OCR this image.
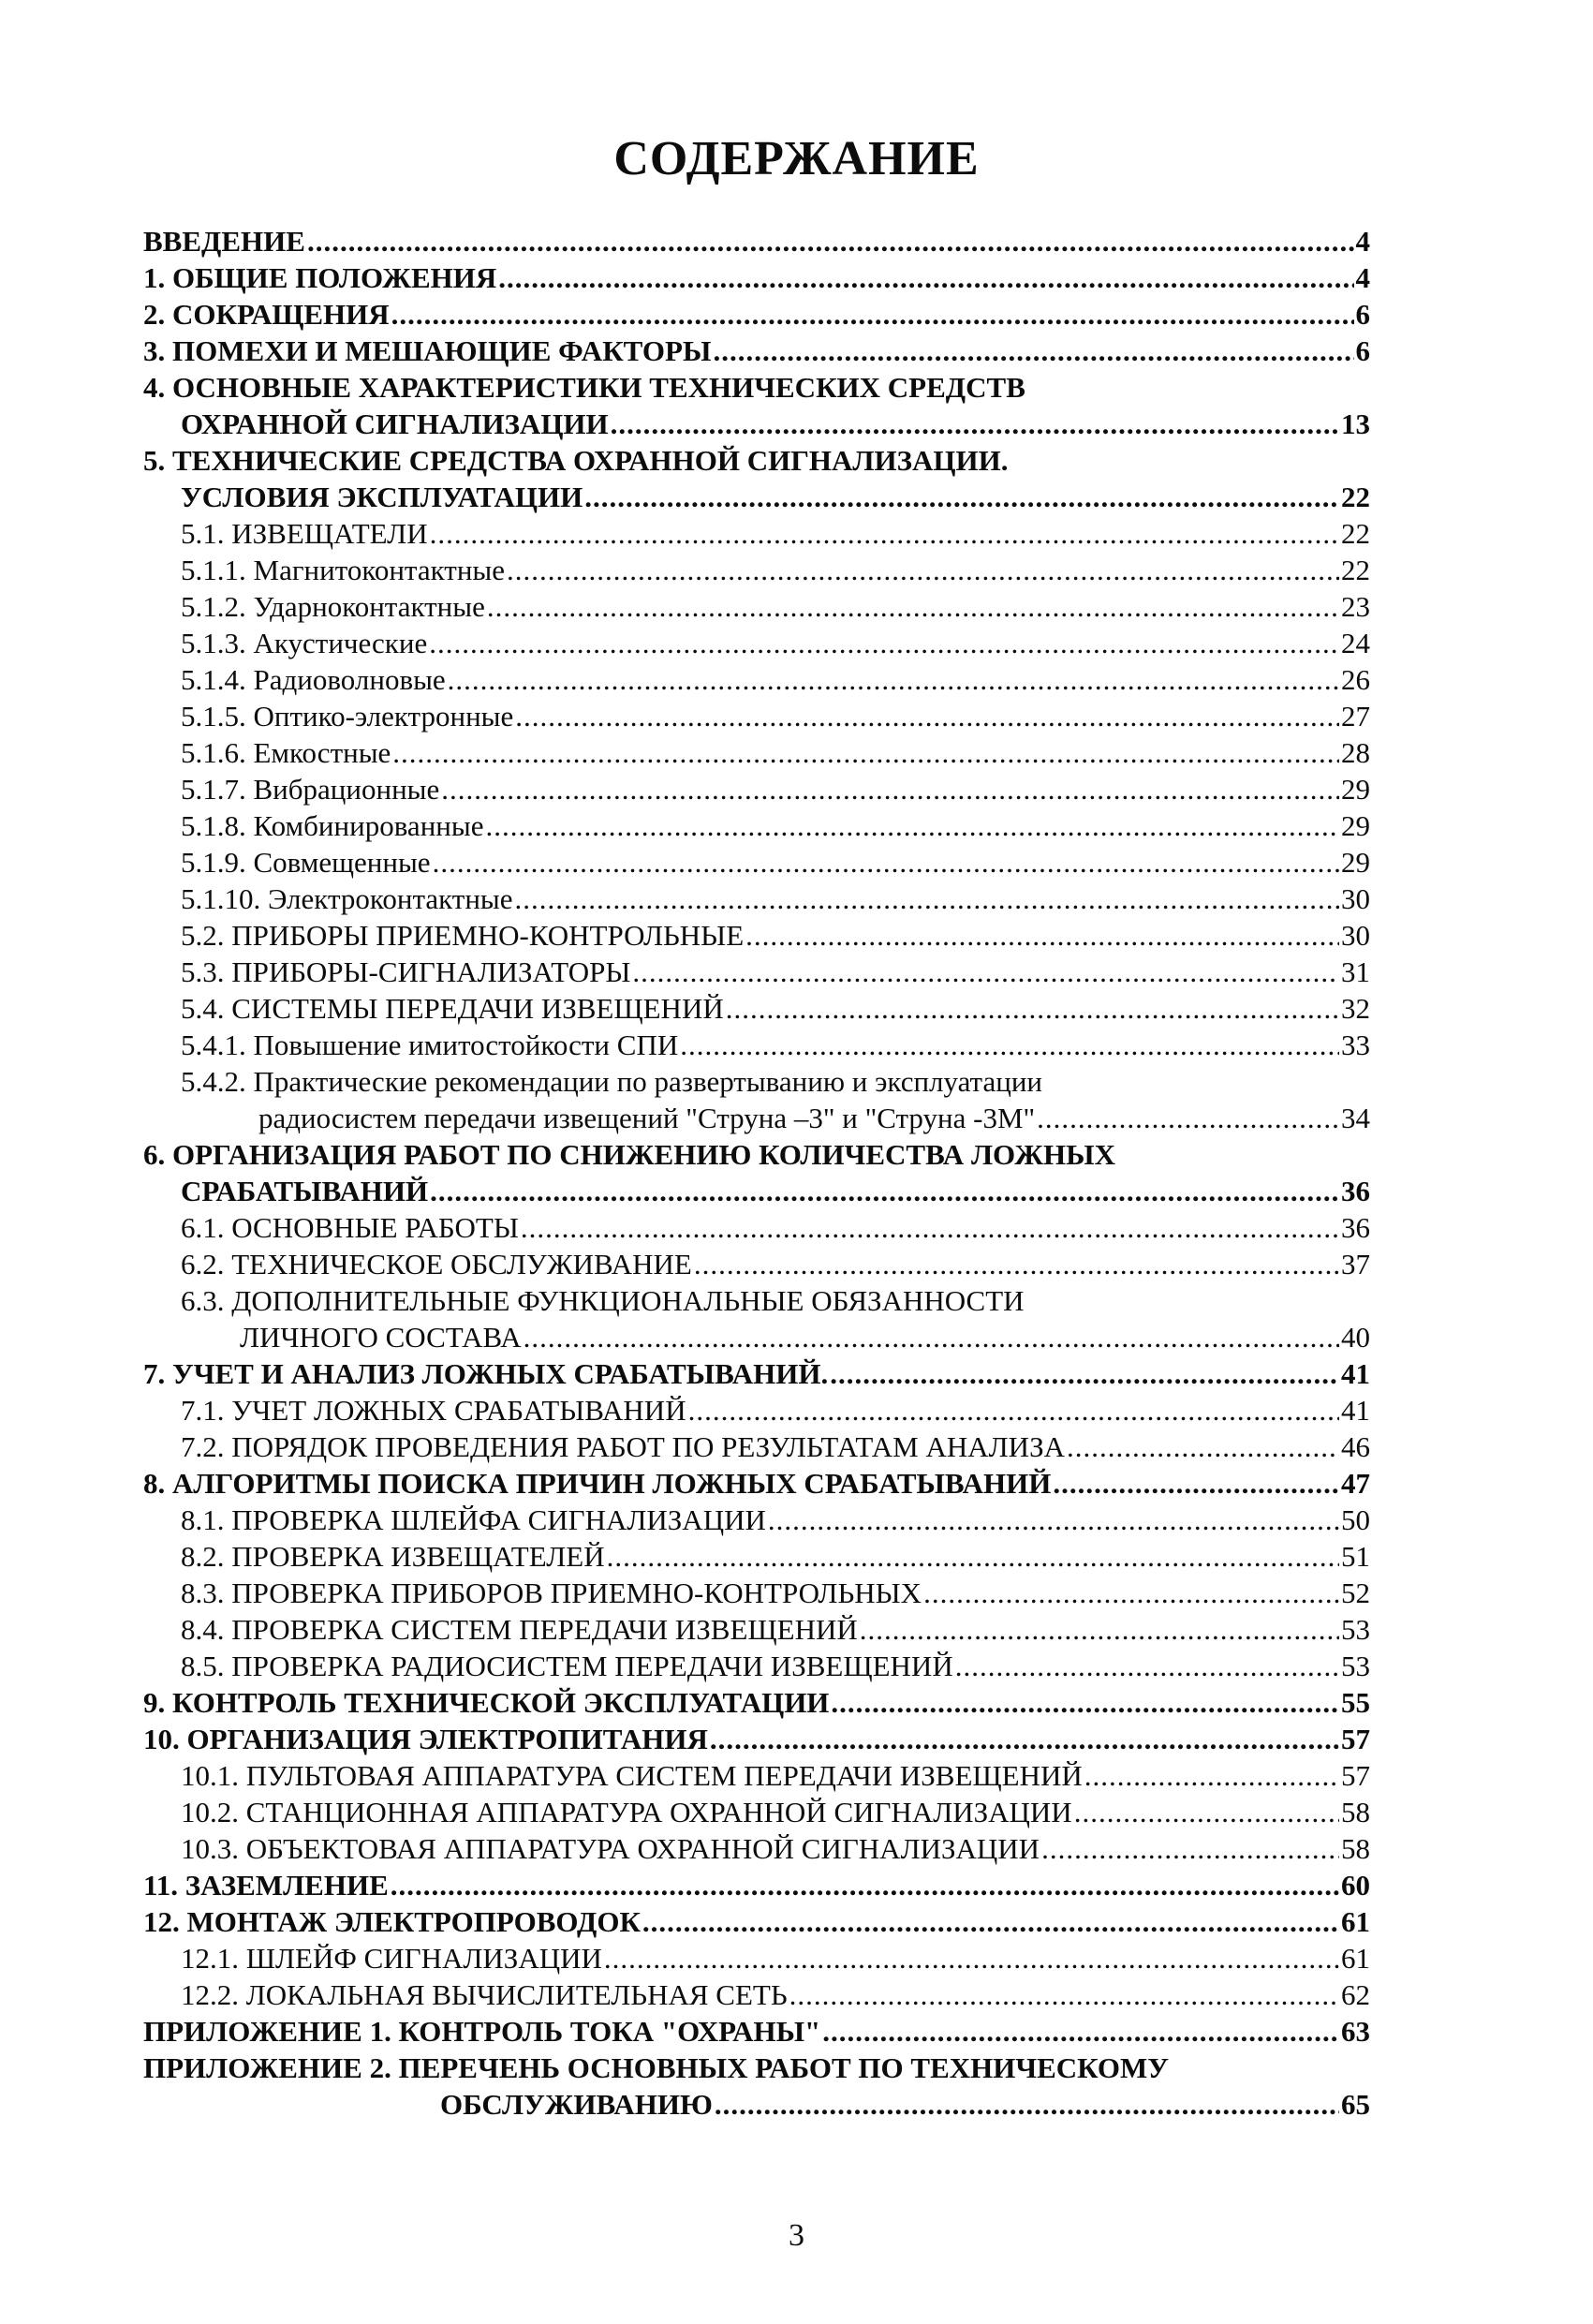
СОДЕРЖАНИЕ
ВВЕДЕНИЕ .....	4
1. ОБЩИЕ ПОЛОЖЕНИЯ .....	4
2. СОКРАЩЕНИЯ .....	6
3. ПОМЕХИ И МЕШАЮЩИЕ ФАКТОРЫ .....	6
4. ОСНОВНЫЕ ХАРАКТЕРИСТИКИ ТЕХНИЧЕСКИХ СРЕДСТВ
ОХРАННОЙ СИГНАЛИЗАЦИИ .....	13
5. ТЕХНИЧЕСКИЕ СРЕДСТВА ОХРАННОЙ СИГНАЛИЗАЦИИ.
УСЛОВИЯ ЭКСПЛУАТАЦИИ .....	22
5.1. ИЗВЕЩАТЕЛИ .....	22
5.1.1. Магнитоконтактные .....	22
5.1.2. Ударноконтактные .....	23
5.1.3. Акустические .....	24
5.1.4. Радиоволновые .....	26
5.1.5. Оптико-электронные .....	27
5.1.6. Емкостные .....	28
5.1.7. Вибрационные .....	29
5.1.8. Комбинированные .....	29
5.1.9. Совмещенные .....	29
5.1.10. Электроконтактные .....	30
5.2. ПРИБОРЫ ПРИЕМНО-КОНТРОЛЬНЫЕ .....	30
5.3. ПРИБОРЫ-СИГНАЛИЗАТОРЫ .....	31
5.4. СИСТЕМЫ ПЕРЕДАЧИ ИЗВЕЩЕНИЙ .....	32
5.4.1. Повышение имитостойкости СПИ .....	33
5.4.2. Практические рекомендации по развертыванию и эксплуатации
радиосистем передачи извещений "Струна –3" и "Струна -3М" .....	34
6. ОРГАНИЗАЦИЯ РАБОТ ПО СНИЖЕНИЮ КОЛИЧЕСТВА ЛОЖНЫХ
СРАБАТЫВАНИЙ .....	36
6.1. ОСНОВНЫЕ РАБОТЫ .....	36
6.2. ТЕХНИЧЕСКОЕ ОБСЛУЖИВАНИЕ .....	37
6.3. ДОПОЛНИТЕЛЬНЫЕ ФУНКЦИОНАЛЬНЫЕ ОБЯЗАННОСТИ
ЛИЧНОГО СОСТАВА .....	40
7. УЧЕТ И АНАЛИЗ ЛОЖНЫХ СРАБАТЫВАНИЙ. .....	41
7.1. УЧЕТ ЛОЖНЫХ СРАБАТЫВАНИЙ .....	41
7.2. ПОРЯДОК ПРОВЕДЕНИЯ РАБОТ ПО РЕЗУЛЬТАТАМ АНАЛИЗА .....	46
8. АЛГОРИТМЫ ПОИСКА ПРИЧИН ЛОЖНЫХ СРАБАТЫВАНИЙ .....	47
8.1. ПРОВЕРКА ШЛЕЙФА СИГНАЛИЗАЦИИ .....	50
8.2. ПРОВЕРКА ИЗВЕЩАТЕЛЕЙ .....	51
8.3. ПРОВЕРКА ПРИБОРОВ ПРИЕМНО-КОНТРОЛЬНЫХ .....	52
8.4. ПРОВЕРКА СИСТЕМ ПЕРЕДАЧИ ИЗВЕЩЕНИЙ .....	53
8.5. ПРОВЕРКА РАДИОСИСТЕМ ПЕРЕДАЧИ ИЗВЕЩЕНИЙ .....	53
9. КОНТРОЛЬ ТЕХНИЧЕСКОЙ ЭКСПЛУАТАЦИИ .....	55
10. ОРГАНИЗАЦИЯ ЭЛЕКТРОПИТАНИЯ .....	57
10.1. ПУЛЬТОВАЯ АППАРАТУРА СИСТЕМ ПЕРЕДАЧИ ИЗВЕЩЕНИЙ .....	57
10.2. СТАНЦИОННАЯ АППАРАТУРА ОХРАННОЙ СИГНАЛИЗАЦИИ .....	58
10.3. ОБЪЕКТОВАЯ АППАРАТУРА ОХРАННОЙ СИГНАЛИЗАЦИИ .....	58
11. ЗАЗЕМЛЕНИЕ .....	60
12. МОНТАЖ ЭЛЕКТРОПРОВОДОК .....	61
12.1. ШЛЕЙФ СИГНАЛИЗАЦИИ .....	61
12.2. ЛОКАЛЬНАЯ ВЫЧИСЛИТЕЛЬНАЯ СЕТЬ .....	62
ПРИЛОЖЕНИЕ 1. КОНТРОЛЬ ТОКА "ОХРАНЫ" .....	63
ПРИЛОЖЕНИЕ 2. ПЕРЕЧЕНЬ ОСНОВНЫХ РАБОТ ПО ТЕХНИЧЕСКОМУ
ОБСЛУЖИВАНИЮ .....	65
3
